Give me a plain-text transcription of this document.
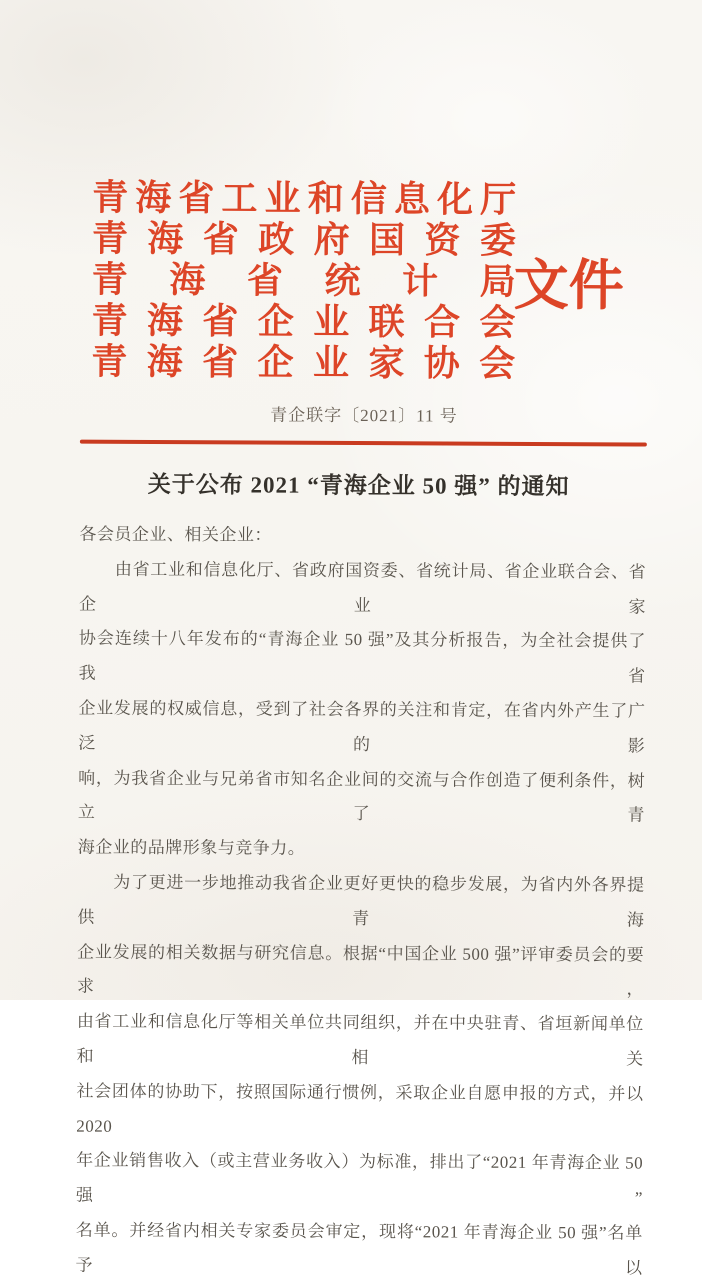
青 海 省 工 业 和 信 息 化 厅
青 海 省 政 府 国 资 委
青 海 省 统 计 局
青 海 省 企 业 联 合 会
青 海 省 企 业 家 协 会
文件
青企联字〔2021〕11 号
关于公布 2021 “青海企业 50 强” 的通知
各会员企业、相关企业：
由省工业和信息化厅、省政府国资委、省统计局、省企业联合会、省企业家
协会连续十八年发布的“青海企业 50 强”及其分析报告，为全社会提供了我省
企业发展的权威信息，受到了社会各界的关注和肯定，在省内外产生了广泛的影
响，为我省企业与兄弟省市知名企业间的交流与合作创造了便利条件，树立了青
海企业的品牌形象与竞争力。
为了更进一步地推动我省企业更好更快的稳步发展，为省内外各界提供青海
企业发展的相关数据与研究信息。根据“中国企业 500 强”评审委员会的要求，
由省工业和信息化厅等相关单位共同组织，并在中央驻青、省垣新闻单位和相关
社会团体的协助下，按照国际通行惯例，采取企业自愿申报的方式，并以 2020
年企业销售收入（或主营业务收入）为标准，排出了“2021 年青海企业 50 强”
名单。并经省内相关专家委员会审定，现将“2021 年青海企业 50 强”名单予以
